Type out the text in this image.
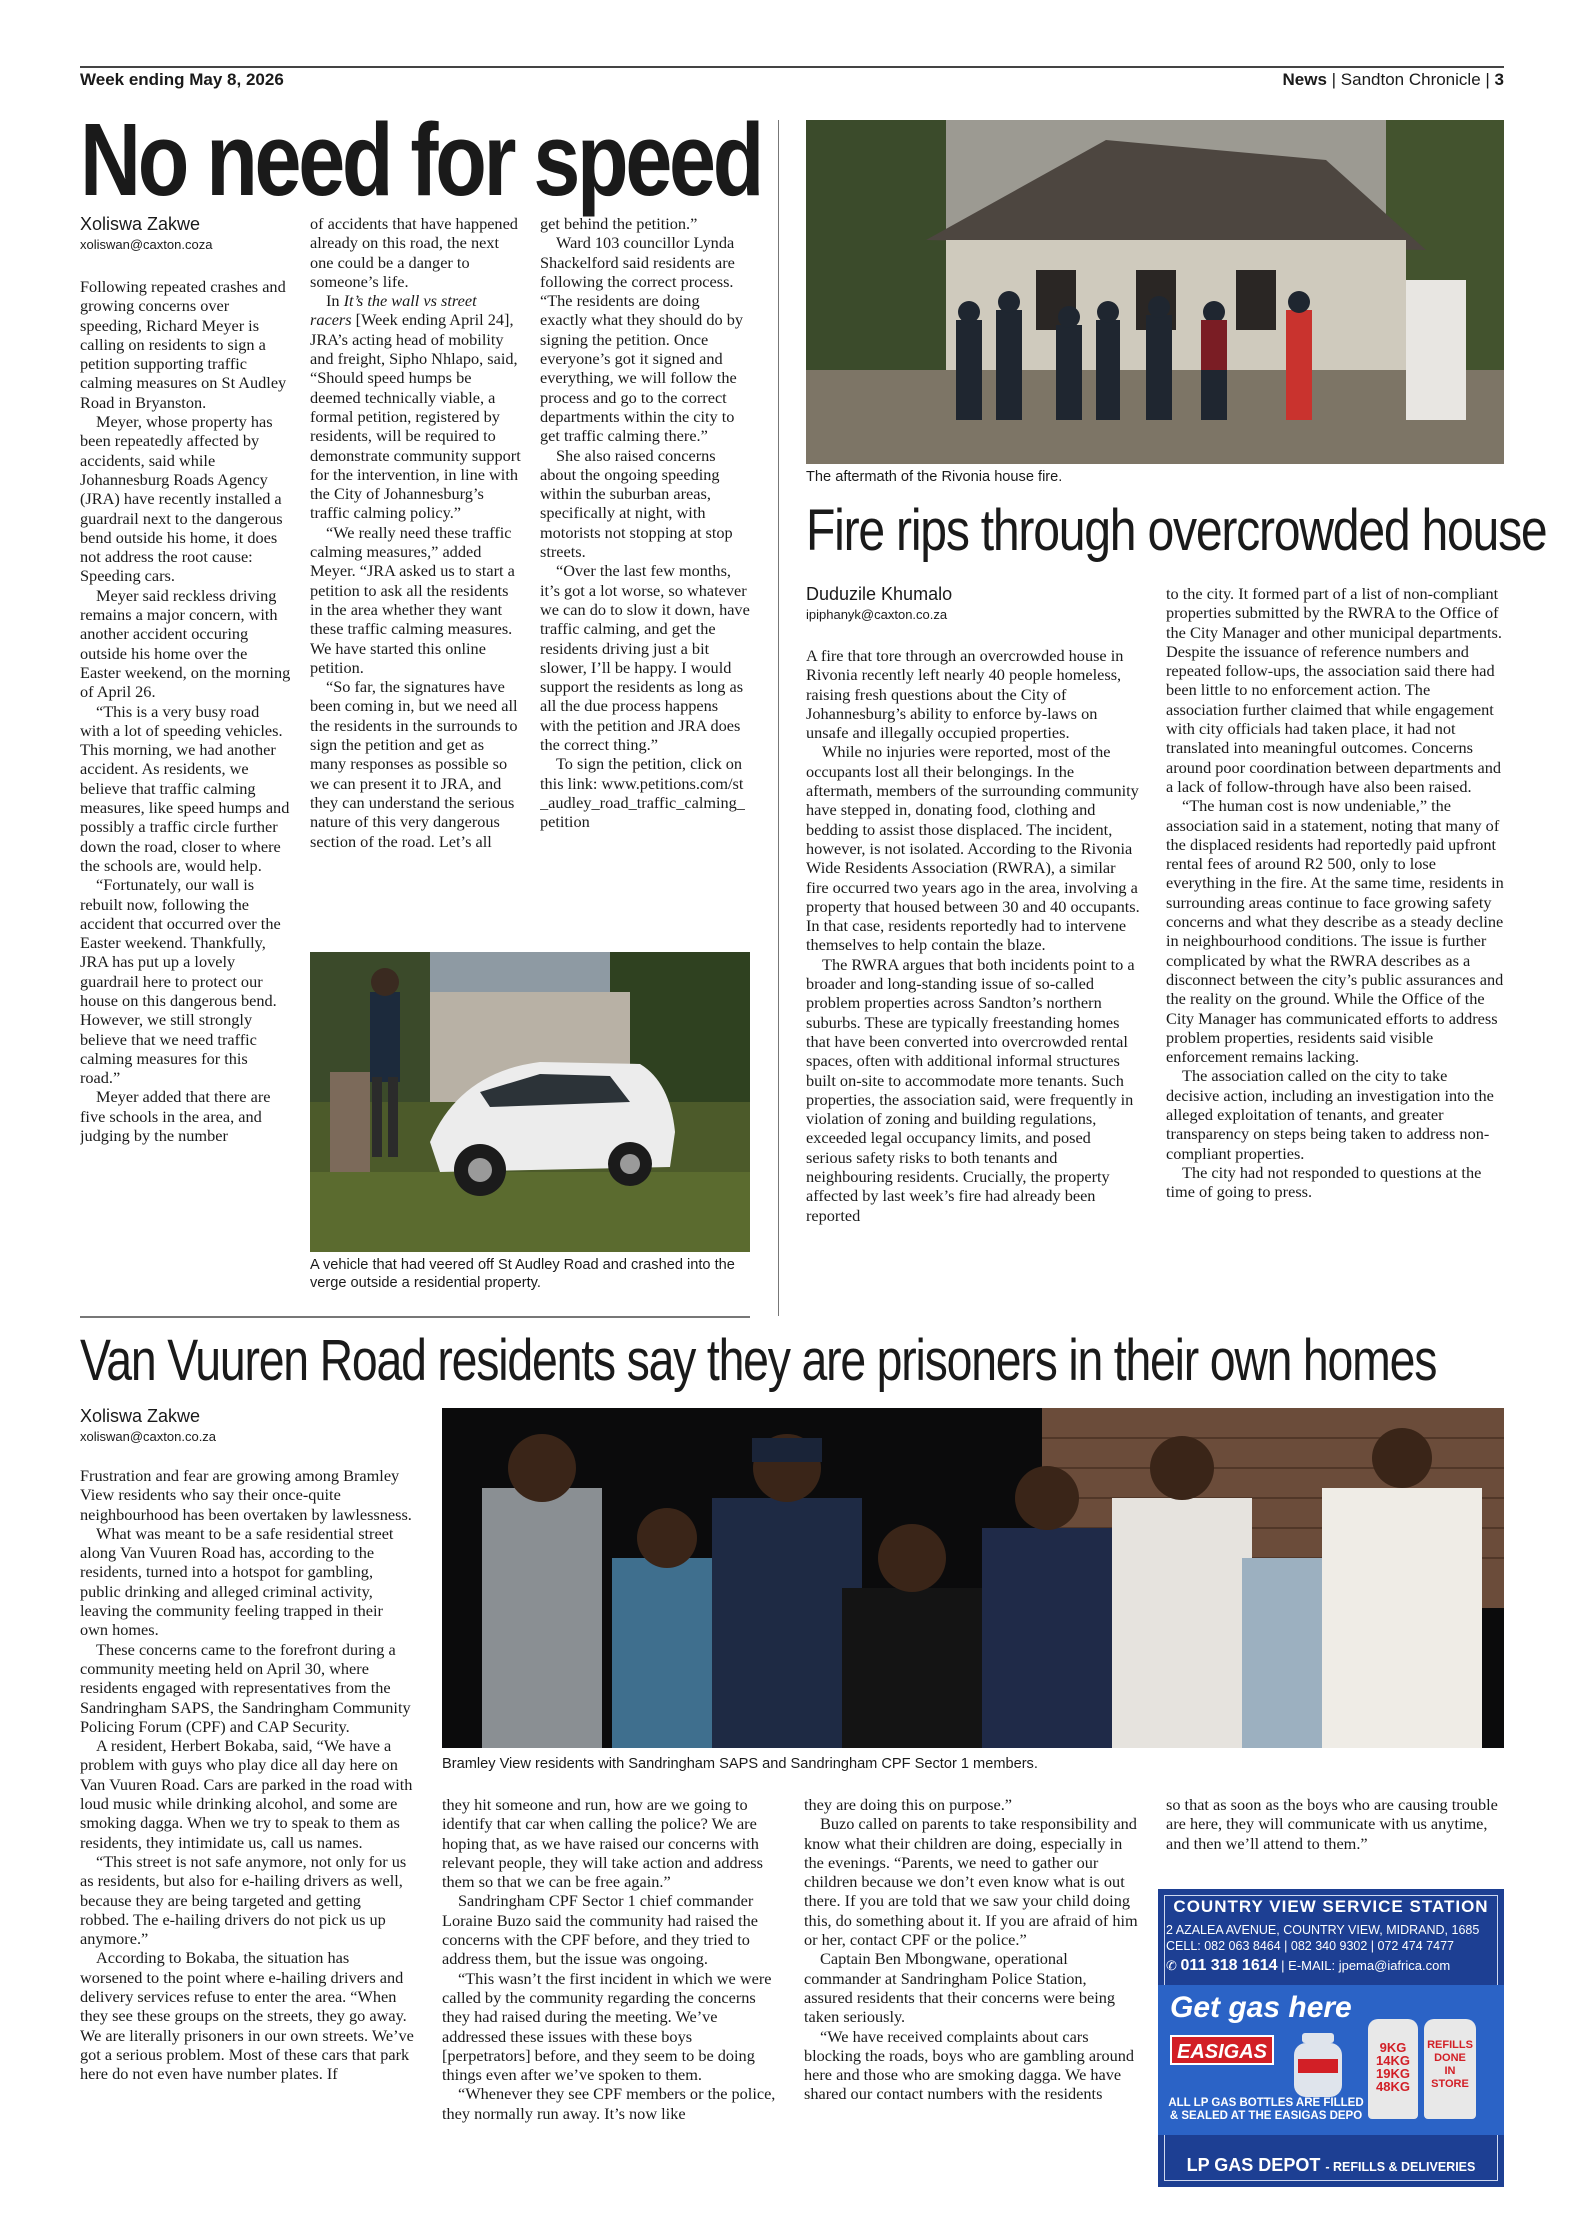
Week ending May 8, 2026	News | Sandton Chronicle | 3
No need for speed
Xoliswa Zakwe
xoliswan@caxton.coza

Following repeated crashes and growing concerns over speeding, Richard Meyer is calling on residents to sign a petition supporting traffic calming measures on St Audley Road in Bryanston.

Meyer, whose property has been repeatedly affected by accidents, said while Johannesburg Roads Agency (JRA) have recently installed a guardrail next to the dangerous bend outside his home, it does not address the root cause: Speeding cars.

Meyer said reckless driving remains a major concern, with another accident occuring outside his home over the Easter weekend, on the morning of April 26.

“This is a very busy road with a lot of speeding vehicles. This morning, we had another accident. As residents, we believe that traffic calming measures, like speed humps and possibly a traffic circle further down the road, closer to where the schools are, would help.

“Fortunately, our wall is rebuilt now, following the accident that occurred over the Easter weekend. Thankfully, JRA has put up a lovely guardrail here to protect our house on this dangerous bend. However, we still strongly believe that we need traffic calming measures for this road.”

Meyer added that there are five schools in the area, and judging by the number

of accidents that have happened already on this road, the next one could be a danger to someone’s life.

In It’s the wall vs street racers [Week ending April 24], JRA’s acting head of mobility and freight, Sipho Nhlapo, said, “Should speed humps be deemed technically viable, a formal petition, registered by residents, will be required to demonstrate community support for the intervention, in line with the City of Johannesburg’s traffic calming policy.”

“We really need these traffic calming measures,” added Meyer. “JRA asked us to start a petition to ask all the residents in the area whether they want these traffic calming measures. We have started this online petition.

“So far, the signatures have been coming in, but we need all the residents in the surrounds to sign the petition and get as many responses as possible so we can present it to JRA, and they can understand the serious nature of this very dangerous section of the road. Let’s all

get behind the petition.”

Ward 103 councillor Lynda Shackelford said residents are following the correct process. “The residents are doing exactly what they should do by signing the petition. Once everyone’s got it signed and everything, we will follow the process and go to the correct departments within the city to get traffic calming there.”

She also raised concerns about the ongoing speeding within the suburban areas, specifically at night, with motorists not stopping at stop streets.

“Over the last few months, it’s got a lot worse, so whatever we can do to slow it down, have traffic calming, and get the residents driving just a bit slower, I’ll be happy. I would support the residents as long as all the due process happens with the petition and JRA does the correct thing.”

To sign the petition, click on this link: www.petitions.com/st_audley_road_traffic_calming_petition

A vehicle that had veered off St Audley Road and crashed into the verge outside a residential property.
The aftermath of the Rivonia house fire.
Fire rips through overcrowded house
Duduzile Khumalo
ipiphanyk@caxton.co.za

A fire that tore through an overcrowded house in Rivonia recently left nearly 40 people homeless, raising fresh questions about the City of Johannesburg’s ability to enforce by-laws on unsafe and illegally occupied properties.

While no injuries were reported, most of the occupants lost all their belongings. In the aftermath, members of the surrounding community have stepped in, donating food, clothing and bedding to assist those displaced. The incident, however, is not isolated. According to the Rivonia Wide Residents Association (RWRA), a similar fire occurred two years ago in the area, involving a property that housed between 30 and 40 occupants. In that case, residents reportedly had to intervene themselves to help contain the blaze.

The RWRA argues that both incidents point to a broader and long-standing issue of so-called problem properties across Sandton’s northern suburbs. These are typically freestanding homes that have been converted into overcrowded rental spaces, often with additional informal structures built on-site to accommodate more tenants. Such properties, the association said, were frequently in violation of zoning and building regulations, exceeded legal occupancy limits, and posed serious safety risks to both tenants and neighbouring residents. Crucially, the property affected by last week’s fire had already been reported

to the city. It formed part of a list of non-compliant properties submitted by the RWRA to the Office of the City Manager and other municipal departments. Despite the issuance of reference numbers and repeated follow-ups, the association said there had been little to no enforcement action. The association further claimed that while engagement with city officials had taken place, it had not translated into meaningful outcomes. Concerns around poor coordination between departments and a lack of follow-through have also been raised.

“The human cost is now undeniable,” the association said in a statement, noting that many of the displaced residents had reportedly paid upfront rental fees of around R2 500, only to lose everything in the fire. At the same time, residents in surrounding areas continue to face growing safety concerns and what they describe as a steady decline in neighbourhood conditions. The issue is further complicated by what the RWRA describes as a disconnect between the city’s public assurances and the reality on the ground. While the Office of the City Manager has communicated efforts to address problem properties, residents said visible enforcement remains lacking.

The association called on the city to take decisive action, including an investigation into the alleged exploitation of tenants, and greater transparency on steps being taken to address non-compliant properties.

The city had not responded to questions at the time of going to press.

Van Vuuren Road residents say they are prisoners in their own homes
Xoliswa Zakwe
xoliswan@caxton.co.za

Frustration and fear are growing among Bramley View residents who say their once-quite neighbourhood has been overtaken by lawlessness.

What was meant to be a safe residential street along Van Vuuren Road has, according to the residents, turned into a hotspot for gambling, public drinking and alleged criminal activity, leaving the community feeling trapped in their own homes.

These concerns came to the forefront during a community meeting held on April 30, where residents engaged with representatives from the Sandringham SAPS, the Sandringham Community Policing Forum (CPF) and CAP Security.

A resident, Herbert Bokaba, said, “We have a problem with guys who play dice all day here on Van Vuuren Road. Cars are parked in the road with loud music while drinking alcohol, and some are smoking dagga. When we try to speak to them as residents, they intimidate us, call us names.

“This street is not safe anymore, not only for us as residents, but also for e-hailing drivers as well, because they are being targeted and getting robbed. The e-hailing drivers do not pick us up anymore.”

According to Bokaba, the situation has worsened to the point where e-hailing drivers and delivery services refuse to enter the area. “When they see these groups on the streets, they go away. We are literally prisoners in our own streets. We’ve got a serious problem. Most of these cars that park here do not even have number plates. If

Bramley View residents with Sandringham SAPS and Sandringham CPF Sector 1 members.

they hit someone and run, how are we going to identify that car when calling the police? We are hoping that, as we have raised our concerns with relevant people, they will take action and address them so that we can be free again.”

Sandringham CPF Sector 1 chief commander Loraine Buzo said the community had raised the concerns with the CPF before, and they tried to address them, but the issue was ongoing.

“This wasn’t the first incident in which we were called by the community regarding the concerns they had raised during the meeting. We’ve addressed these issues with these boys [perpetrators] before, and they seem to be doing things even after we’ve spoken to them.

“Whenever they see CPF members or the police, they normally run away. It’s now like

they are doing this on purpose.”

Buzo called on parents to take responsibility and know what their children are doing, especially in the evenings. “Parents, we need to gather our children because we don’t even know what is out there. If you are told that we saw your child doing this, do something about it. If you are afraid of him or her, contact CPF or the police.”

Captain Ben Mbongwane, operational commander at Sandringham Police Station, assured residents that their concerns were being taken seriously.

“We have received complaints about cars blocking the roads, boys who are gambling around here and those who are smoking dagga. We have shared our contact numbers with the residents

so that as soon as the boys who are causing trouble are here, they will communicate with us anytime, and then we’ll attend to them.”

COUNTRY VIEW SERVICE STATION
2 AZALEA AVENUE, COUNTRY VIEW, MIDRAND, 1685
CELL: 082 063 8464 | 082 340 9302 | 072 474 7477
✆ 011 318 1614 | E-MAIL: jpema@iafrica.com
Get gas here
EASIGAS
ALL LP GAS BOTTLES ARE FILLED & SEALED AT THE EASIGAS DEPO
9KG
14KG
19KG
48KG
REFILLS
DONE
IN
STORE
LP GAS DEPOT - REFILLS & DELIVERIES
